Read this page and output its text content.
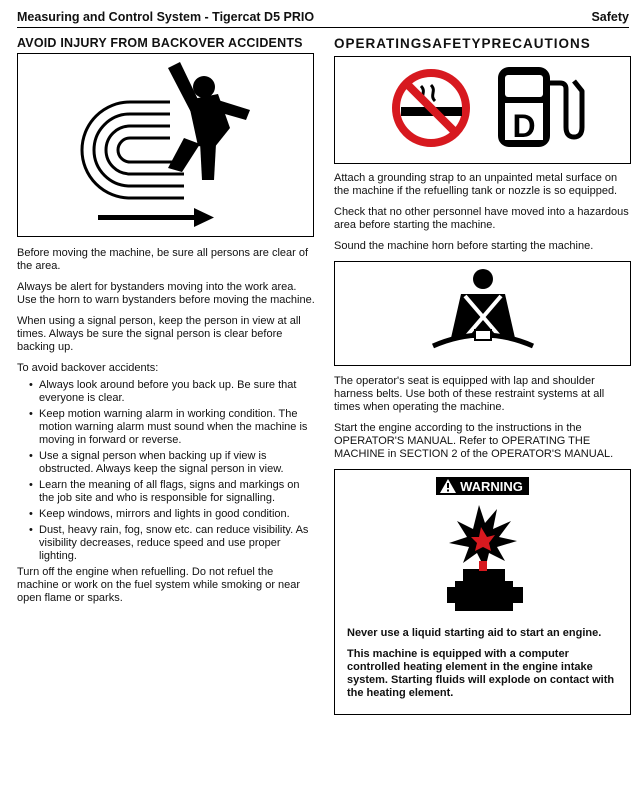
Measuring and Control System - Tigercat D5 PRIO	Safety
AVOID INJURY FROM BACKOVER ACCIDENTS

Before moving the machine, be sure all persons are clear of the area.

Always be alert for bystanders moving into the work area. Use the horn to warn bystanders before moving the machine.

When using a signal person, keep the person in view at all times. Always be sure the signal person is clear before backing up.

To avoid backover accidents:

• Always look around before you back up. Be sure that everyone is clear.
• Keep motion warning alarm in working condition. The motion warning alarm must sound when the machine is moving in forward or reverse.
• Use a signal person when backing up if view is obstructed. Always keep the signal person in view.
• Learn the meaning of all flags, signs and markings on the job site and who is responsible for signalling.
• Keep windows, mirrors and lights in good condition.
• Dust, heavy rain, fog, snow etc. can reduce visibility. As visibility decreases, reduce speed and use proper lighting.

Turn off the engine when refuelling. Do not refuel the machine or work on the fuel system while smoking or near open flame or sparks.

OPERATINGSAFETYPRECAUTIONS
D

Attach a grounding strap to an unpainted metal surface on the machine if the refuelling tank or nozzle is so equipped.

Check that no other personnel have moved into a hazardous area before starting the machine.

Sound the machine horn before starting the machine.

The operator's seat is equipped with lap and shoulder harness belts. Use both of these restraint systems at all times when operating the machine.

Start the engine according to the instructions in the OPERATOR'S MANUAL. Refer to OPERATING THE MACHINE in SECTION 2 of the OPERATOR'S MANUAL.

WARNING

Never use a liquid starting aid to start an engine.

This machine is equipped with a computer controlled heating element in the engine intake system. Starting fluids will explode on contact with the heating element.
